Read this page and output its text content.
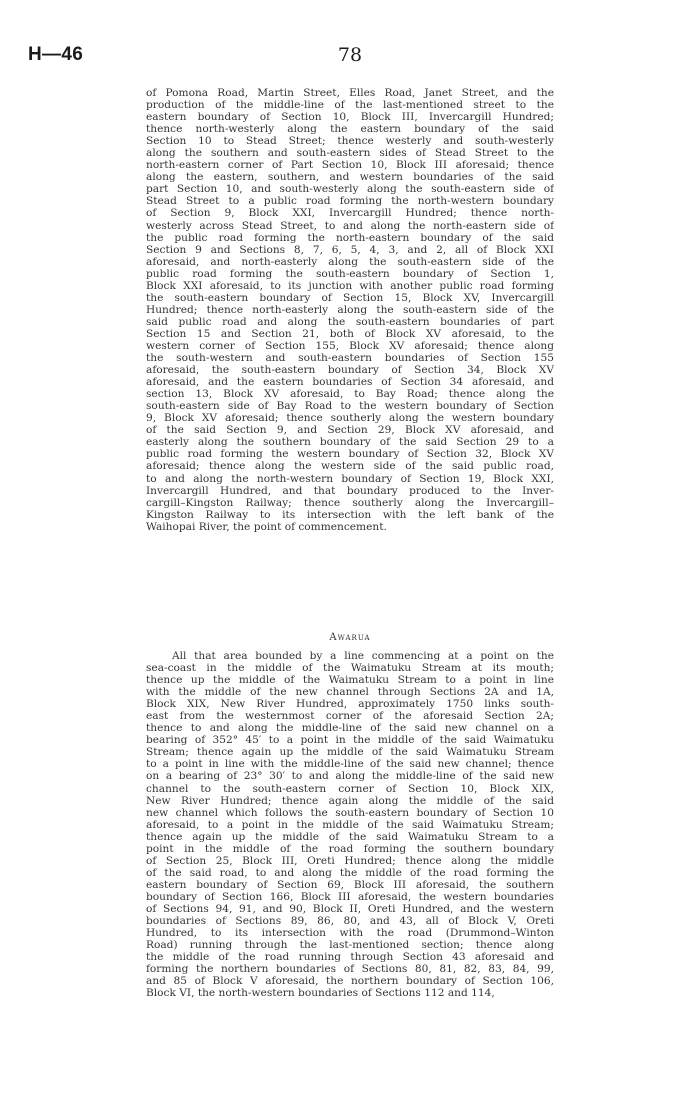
H—46	78
of Pomona Road, Martin Street, Elles Road, Janet Street, and the
production of the middle-line of the last-mentioned street to the
eastern boundary of Section 10, Block III, Invercargill Hundred;
thence north-westerly along the eastern boundary of the said
Section 10 to Stead Street; thence westerly and south-westerly
along the southern and south-eastern sides of Stead Street to the
north-eastern corner of Part Section 10, Block III aforesaid; thence
along the eastern, southern, and western boundaries of the said
part Section 10, and south-westerly along the south-eastern side of
Stead Street to a public road forming the north-western boundary
of Section 9, Block XXI, Invercargill Hundred; thence north-
westerly across Stead Street, to and along the north-eastern side of
the public road forming the north-eastern boundary of the said
Section 9 and Sections 8, 7, 6, 5, 4, 3, and 2, all of Block XXI
aforesaid, and north-easterly along the south-eastern side of the
public road forming the south-eastern boundary of Section 1,
Block XXI aforesaid, to its junction with another public road forming
the south-eastern boundary of Section 15, Block XV, Invercargill
Hundred; thence north-easterly along the south-eastern side of the
said public road and along the south-eastern boundaries of part
Section 15 and Section 21, both of Block XV aforesaid, to the
western corner of Section 155, Block XV aforesaid; thence along
the south-western and south-eastern boundaries of Section 155
aforesaid, the south-eastern boundary of Section 34, Block XV
aforesaid, and the eastern boundaries of Section 34 aforesaid, and
section 13, Block XV aforesaid, to Bay Road; thence along the
south-eastern side of Bay Road to the western boundary of Section
9, Block XV aforesaid; thence southerly along the western boundary
of the said Section 9, and Section 29, Block XV aforesaid, and
easterly along the southern boundary of the said Section 29 to a
public road forming the western boundary of Section 32, Block XV
aforesaid; thence along the western side of the said public road,
to and along the north-western boundary of Section 19, Block XXI,
Invercargill Hundred, and that boundary produced to the Inver-
cargill–Kingston Railway; thence southerly along the Invercargill–
Kingston Railway to its intersection with the left bank of the
Waihopai River, the point of commencement.
Awarua
All that area bounded by a line commencing at a point on the
sea-coast in the middle of the Waimatuku Stream at its mouth;
thence up the middle of the Waimatuku Stream to a point in line
with the middle of the new channel through Sections 2A and 1A,
Block XIX, New River Hundred, approximately 1750 links south-
east from the westernmost corner of the aforesaid Section 2A;
thence to and along the middle-line of the said new channel on a
bearing of 352° 45′ to a point in the middle of the said Waimatuku
Stream; thence again up the middle of the said Waimatuku Stream
to a point in line with the middle-line of the said new channel; thence
on a bearing of 23° 30′ to and along the middle-line of the said new
channel to the south-eastern corner of Section 10, Block XIX,
New River Hundred; thence again along the middle of the said
new channel which follows the south-eastern boundary of Section 10
aforesaid, to a point in the middle of the said Waimatuku Stream;
thence again up the middle of the said Waimatuku Stream to a
point in the middle of the road forming the southern boundary
of Section 25, Block III, Oreti Hundred; thence along the middle
of the said road, to and along the middle of the road forming the
eastern boundary of Section 69, Block III aforesaid, the southern
boundary of Section 166, Block III aforesaid, the western boundaries
of Sections 94, 91, and 90, Block II, Oreti Hundred, and the western
boundaries of Sections 89, 86, 80, and 43, all of Block V, Oreti
Hundred, to its intersection with the road (Drummond–Winton
Road) running through the last-mentioned section; thence along
the middle of the road running through Section 43 aforesaid and
forming the northern boundaries of Sections 80, 81, 82, 83, 84, 99,
and 85 of Block V aforesaid, the northern boundary of Section 106,
Block VI, the north-western boundaries of Sections 112 and 114,
